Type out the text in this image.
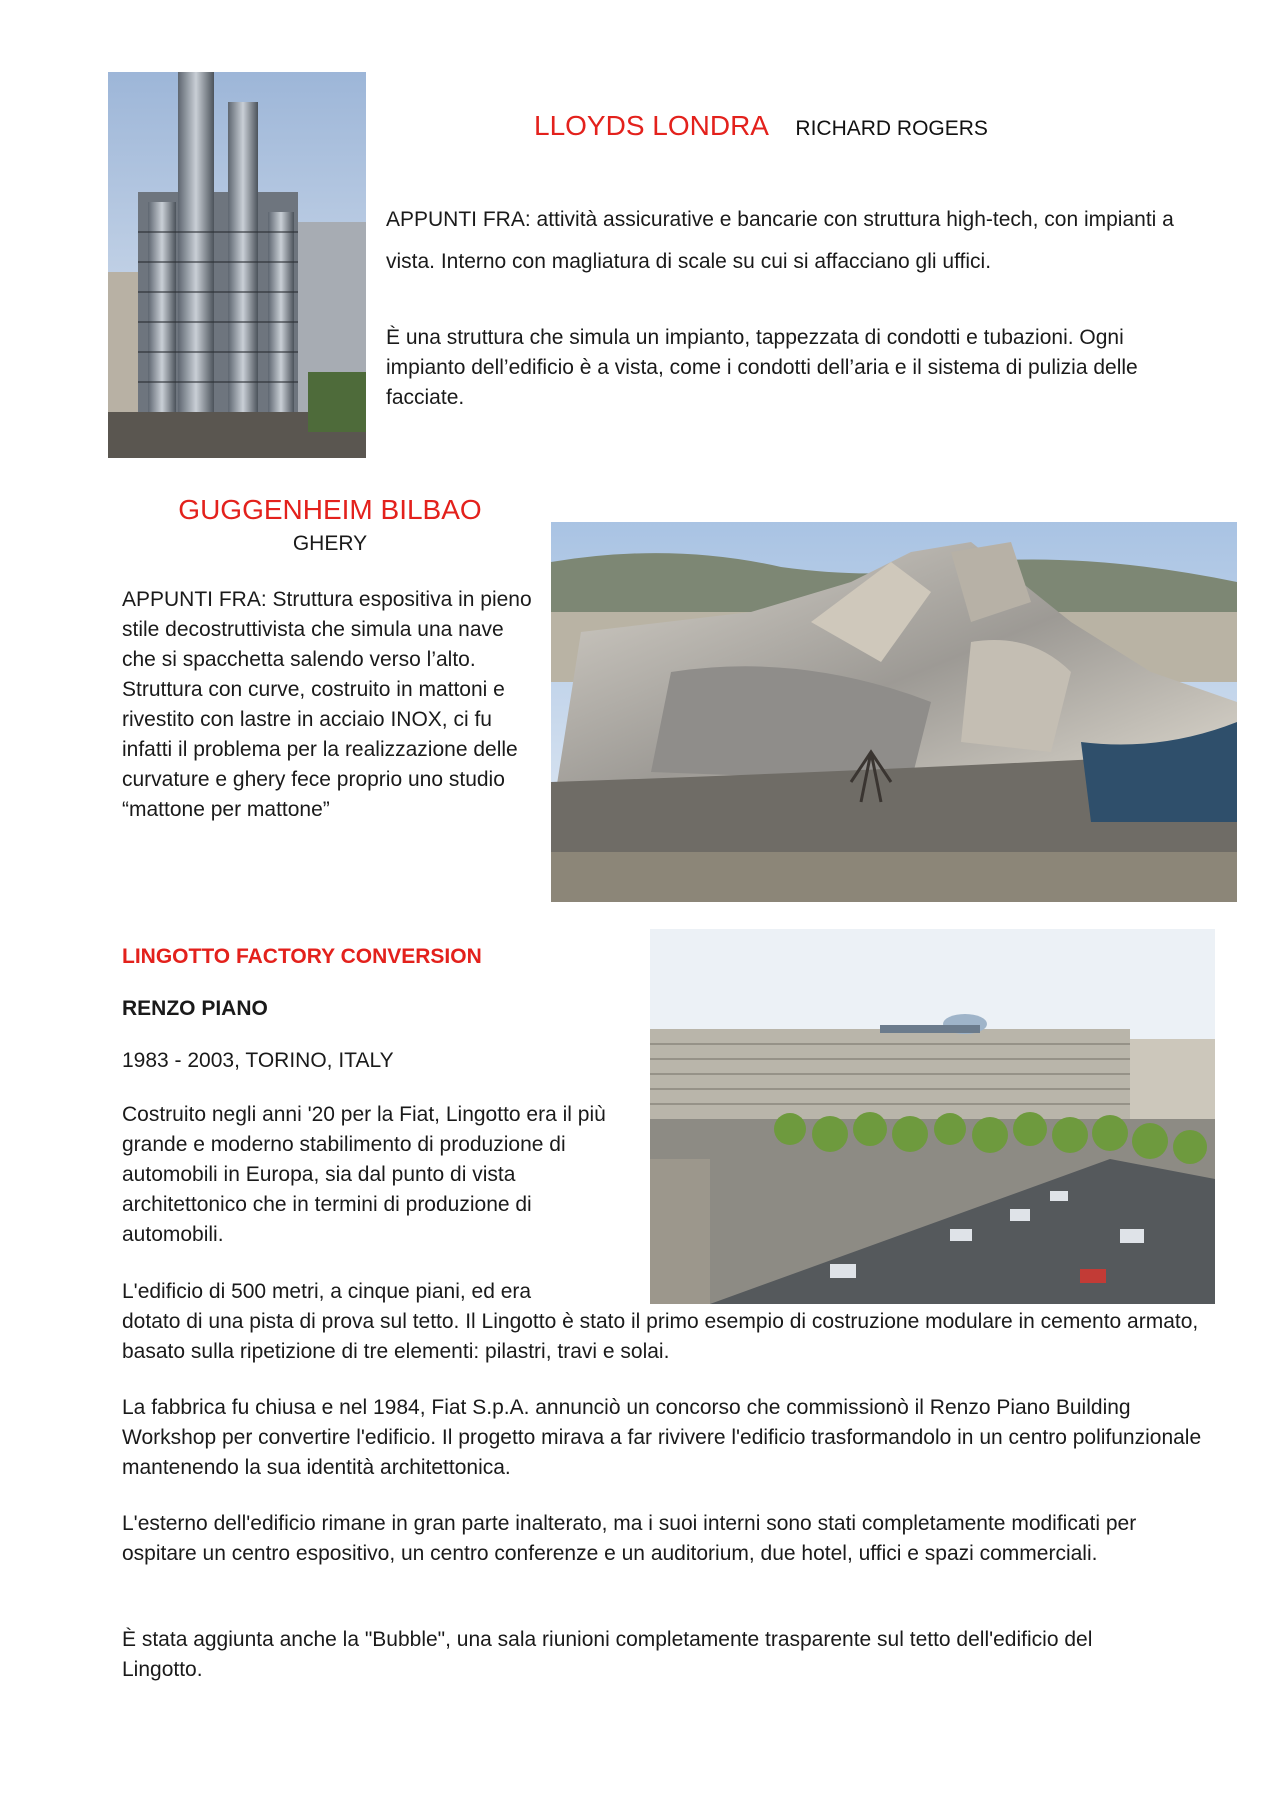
LLOYDS LONDRA RICHARD ROGERS
APPUNTI FRA: attività assicurative e bancarie con struttura high-tech, con impianti a vista. Interno con magliatura di scale su cui si affacciano gli uffici.
È una struttura che simula un impianto, tappezzata di condotti e tubazioni. Ogni impianto dell’edificio è a vista, come i condotti dell’aria e il sistema di pulizia delle facciate.
GUGGENHEIM BILBAO
GHERY
APPUNTI FRA: Struttura espositiva in pieno stile decostruttivista che simula una nave che si spacchetta salendo verso l’alto. Struttura con curve, costruito in mattoni e rivestito con lastre in acciaio INOX, ci fu infatti il problema per la realizzazione delle curvature e ghery fece proprio uno studio “mattone per mattone”
LINGOTTO FACTORY CONVERSION
RENZO PIANO
1983 - 2003, TORINO, ITALY
Costruito negli anni '20 per la Fiat, Lingotto era il più grande e moderno stabilimento di produzione di automobili in Europa, sia dal punto di vista architettonico che in termini di produzione di automobili.
L'edificio di 500 metri, a cinque piani, ed era
dotato di una pista di prova sul tetto. Il Lingotto è stato il primo esempio di costruzione modulare in cemento armato, basato sulla ripetizione di tre elementi: pilastri, travi e solai.
La fabbrica fu chiusa e nel 1984, Fiat S.p.A. annunciò un concorso che commissionò il Renzo Piano Building Workshop per convertire l'edificio. Il progetto mirava a far rivivere l'edificio trasformandolo in un centro polifunzionale mantenendo la sua identità architettonica.
L'esterno dell'edificio rimane in gran parte inalterato, ma i suoi interni sono stati completamente modificati per ospitare un centro espositivo, un centro conferenze e un auditorium, due hotel, uffici e spazi commerciali.
È stata aggiunta anche la "Bubble", una sala riunioni completamente trasparente sul tetto dell'edificio del Lingotto.
